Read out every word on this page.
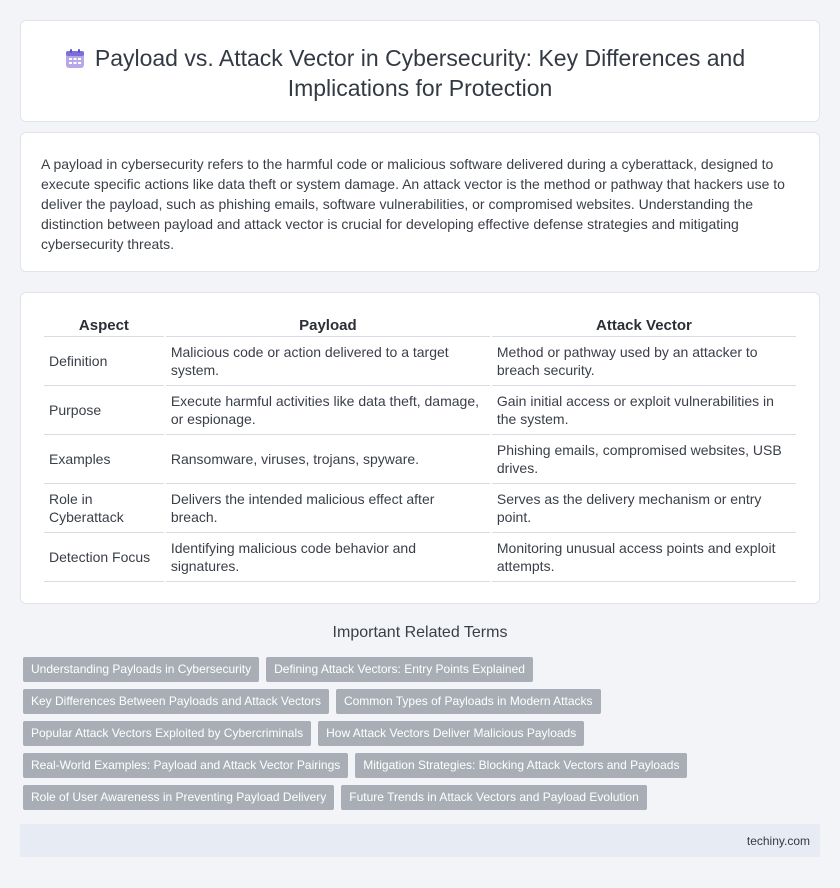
Payload vs. Attack Vector in Cybersecurity: Key Differences and
Implications for Protection

A payload in cybersecurity refers to the harmful code or malicious software delivered during a cyberattack, designed to execute specific actions like data theft or system damage. An attack vector is the method or pathway that hackers use to deliver the payload, such as phishing emails, software vulnerabilities, or compromised websites. Understanding the distinction between payload and attack vector is crucial for developing effective defense strategies and mitigating cybersecurity threats.

Aspect	Payload	Attack Vector
Definition	Malicious code or action delivered to a target system.	Method or pathway used by an attacker to breach security.
Purpose	Execute harmful activities like data theft, damage, or espionage.	Gain initial access or exploit vulnerabilities in the system.
Examples	Ransomware, viruses, trojans, spyware.	Phishing emails, compromised websites, USB drives.
Role in Cyberattack	Delivers the intended malicious effect after breach.	Serves as the delivery mechanism or entry point.
Detection Focus	Identifying malicious code behavior and signatures.	Monitoring unusual access points and exploit attempts.
Important Related Terms
Understanding Payloads in Cybersecurity	Defining Attack Vectors: Entry Points Explained
Key Differences Between Payloads and Attack Vectors	Common Types of Payloads in Modern Attacks
Popular Attack Vectors Exploited by Cybercriminals	How Attack Vectors Deliver Malicious Payloads
Real-World Examples: Payload and Attack Vector Pairings	Mitigation Strategies: Blocking Attack Vectors and Payloads
Role of User Awareness in Preventing Payload Delivery	Future Trends in Attack Vectors and Payload Evolution
techiny.com
